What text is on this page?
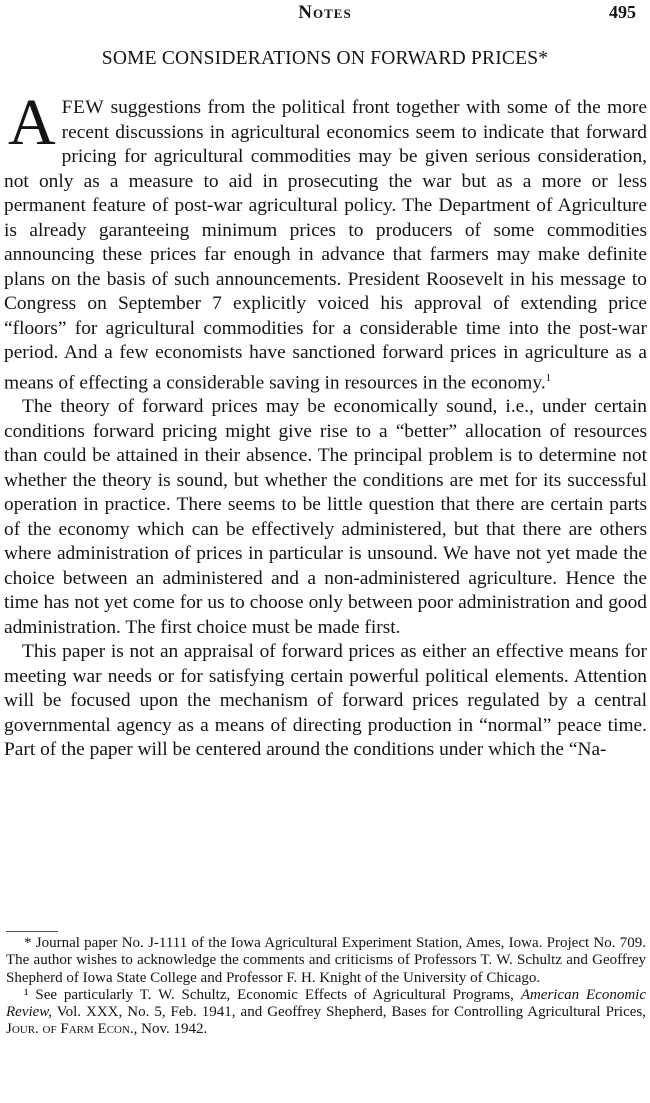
Notes	495
SOME CONSIDERATIONS ON FORWARD PRICES*

AFEW suggestions from the political front together with some of the more recent discussions in agricultural economics seem to indicate that forward pricing for agricultural commodities may be given serious consideration, not only as a measure to aid in prosecuting the war but as a more or less permanent feature of post-war agricultural policy. The Department of Agriculture is already garanteeing minimum prices to producers of some commodities announcing these prices far enough in advance that farmers may make definite plans on the basis of such announcements. President Roosevelt in his message to Congress on September 7 explicitly voiced his approval of extending price “floors” for agricultural commodities for a considerable time into the post-war period. And a few economists have sanctioned forward prices in agriculture as a means of effecting a considerable saving in resources in the economy.$^1$

The theory of forward prices may be economically sound, i.e., under certain conditions forward pricing might give rise to a “better” allocation of resources than could be attained in their absence. The principal problem is to determine not whether the theory is sound, but whether the conditions are met for its successful operation in practice. There seems to be little question that there are certain parts of the economy which can be effectively administered, but that there are others where administration of prices in particular is unsound. We have not yet made the choice between an administered and a non-administered agriculture. Hence the time has not yet come for us to choose only between poor administration and good administration. The first choice must be made first.

This paper is not an appraisal of forward prices as either an effective means for meeting war needs or for satisfying certain powerful political elements. Attention will be focused upon the mechanism of forward prices regulated by a central governmental agency as a means of directing production in “normal” peace time. Part of the paper will be centered around the conditions under which the “Na-

* Journal paper No. J-1111 of the Iowa Agricultural Experiment Station, Ames, Iowa. Project No. 709. The author wishes to acknowledge the comments and criticisms of Professors T. W. Schultz and Geoffrey Shepherd of Iowa State College and Professor F. H. Knight of the University of Chicago.

¹ See particularly T. W. Schultz, Economic Effects of Agricultural Programs, American Economic Review, Vol. XXX, No. 5, Feb. 1941, and Geoffrey Shepherd, Bases for Controlling Agricultural Prices, Jour. of Farm Econ., Nov. 1942.
